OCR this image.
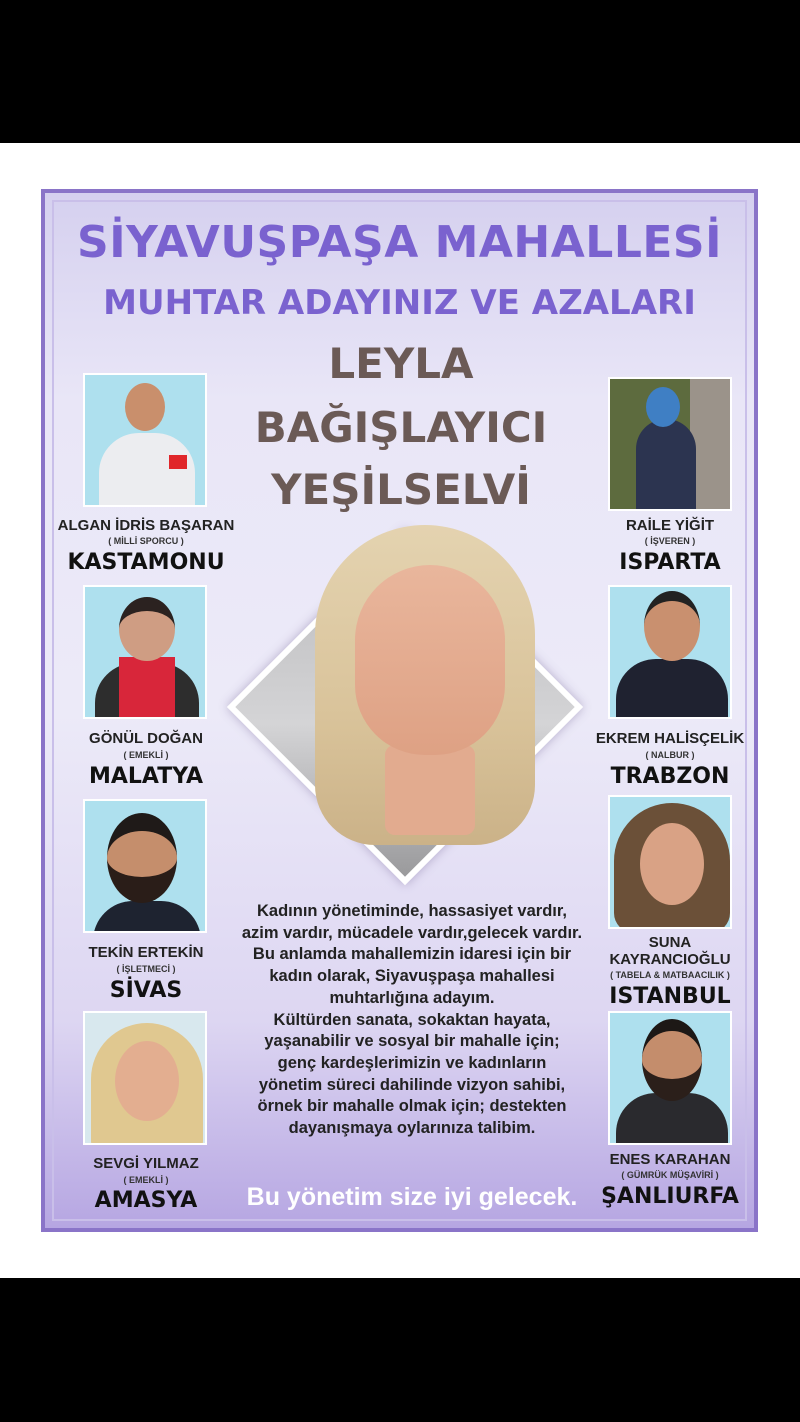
SİYAVUŞPAŞA MAHALLESİ
MUHTAR ADAYINIZ VE AZALARI
LEYLA
BAĞIŞLAYICI
YEŞİLSELVİ
ALGAN İDRİS BAŞARAN
( MİLLİ SPORCU )
KASTAMONU
GÖNÜL DOĞAN
( EMEKLİ )
MALATYA
TEKİN ERTEKİN
( İŞLETMECİ )
SİVAS
SEVGİ YILMAZ
( EMEKLİ )
AMASYA
RAİLE YİĞİT
( İŞVEREN )
ISPARTA
EKREM HALİSÇELİK
( NALBUR )
TRABZON
SUNA
KAYRANCIOĞLU
( TABELA & MATBAACILIK )
ISTANBUL
ENES KARAHAN
( GÜMRÜK MÜŞAVİRİ )
ŞANLIURFA
Kadının yönetiminde, hassasiyet vardır,
azim vardır, mücadele vardır,gelecek vardır.
Bu anlamda mahallemizin idaresi için bir
kadın olarak, Siyavuşpaşa mahallesi
muhtarlığına adayım.
Kültürden sanata, sokaktan hayata,
yaşanabilir ve sosyal bir mahalle için;
genç kardeşlerimizin ve kadınların
yönetim süreci dahilinde vizyon sahibi,
örnek bir mahalle olmak için; destekten
dayanışmaya oylarınıza talibim.
Bu yönetim size iyi gelecek.
